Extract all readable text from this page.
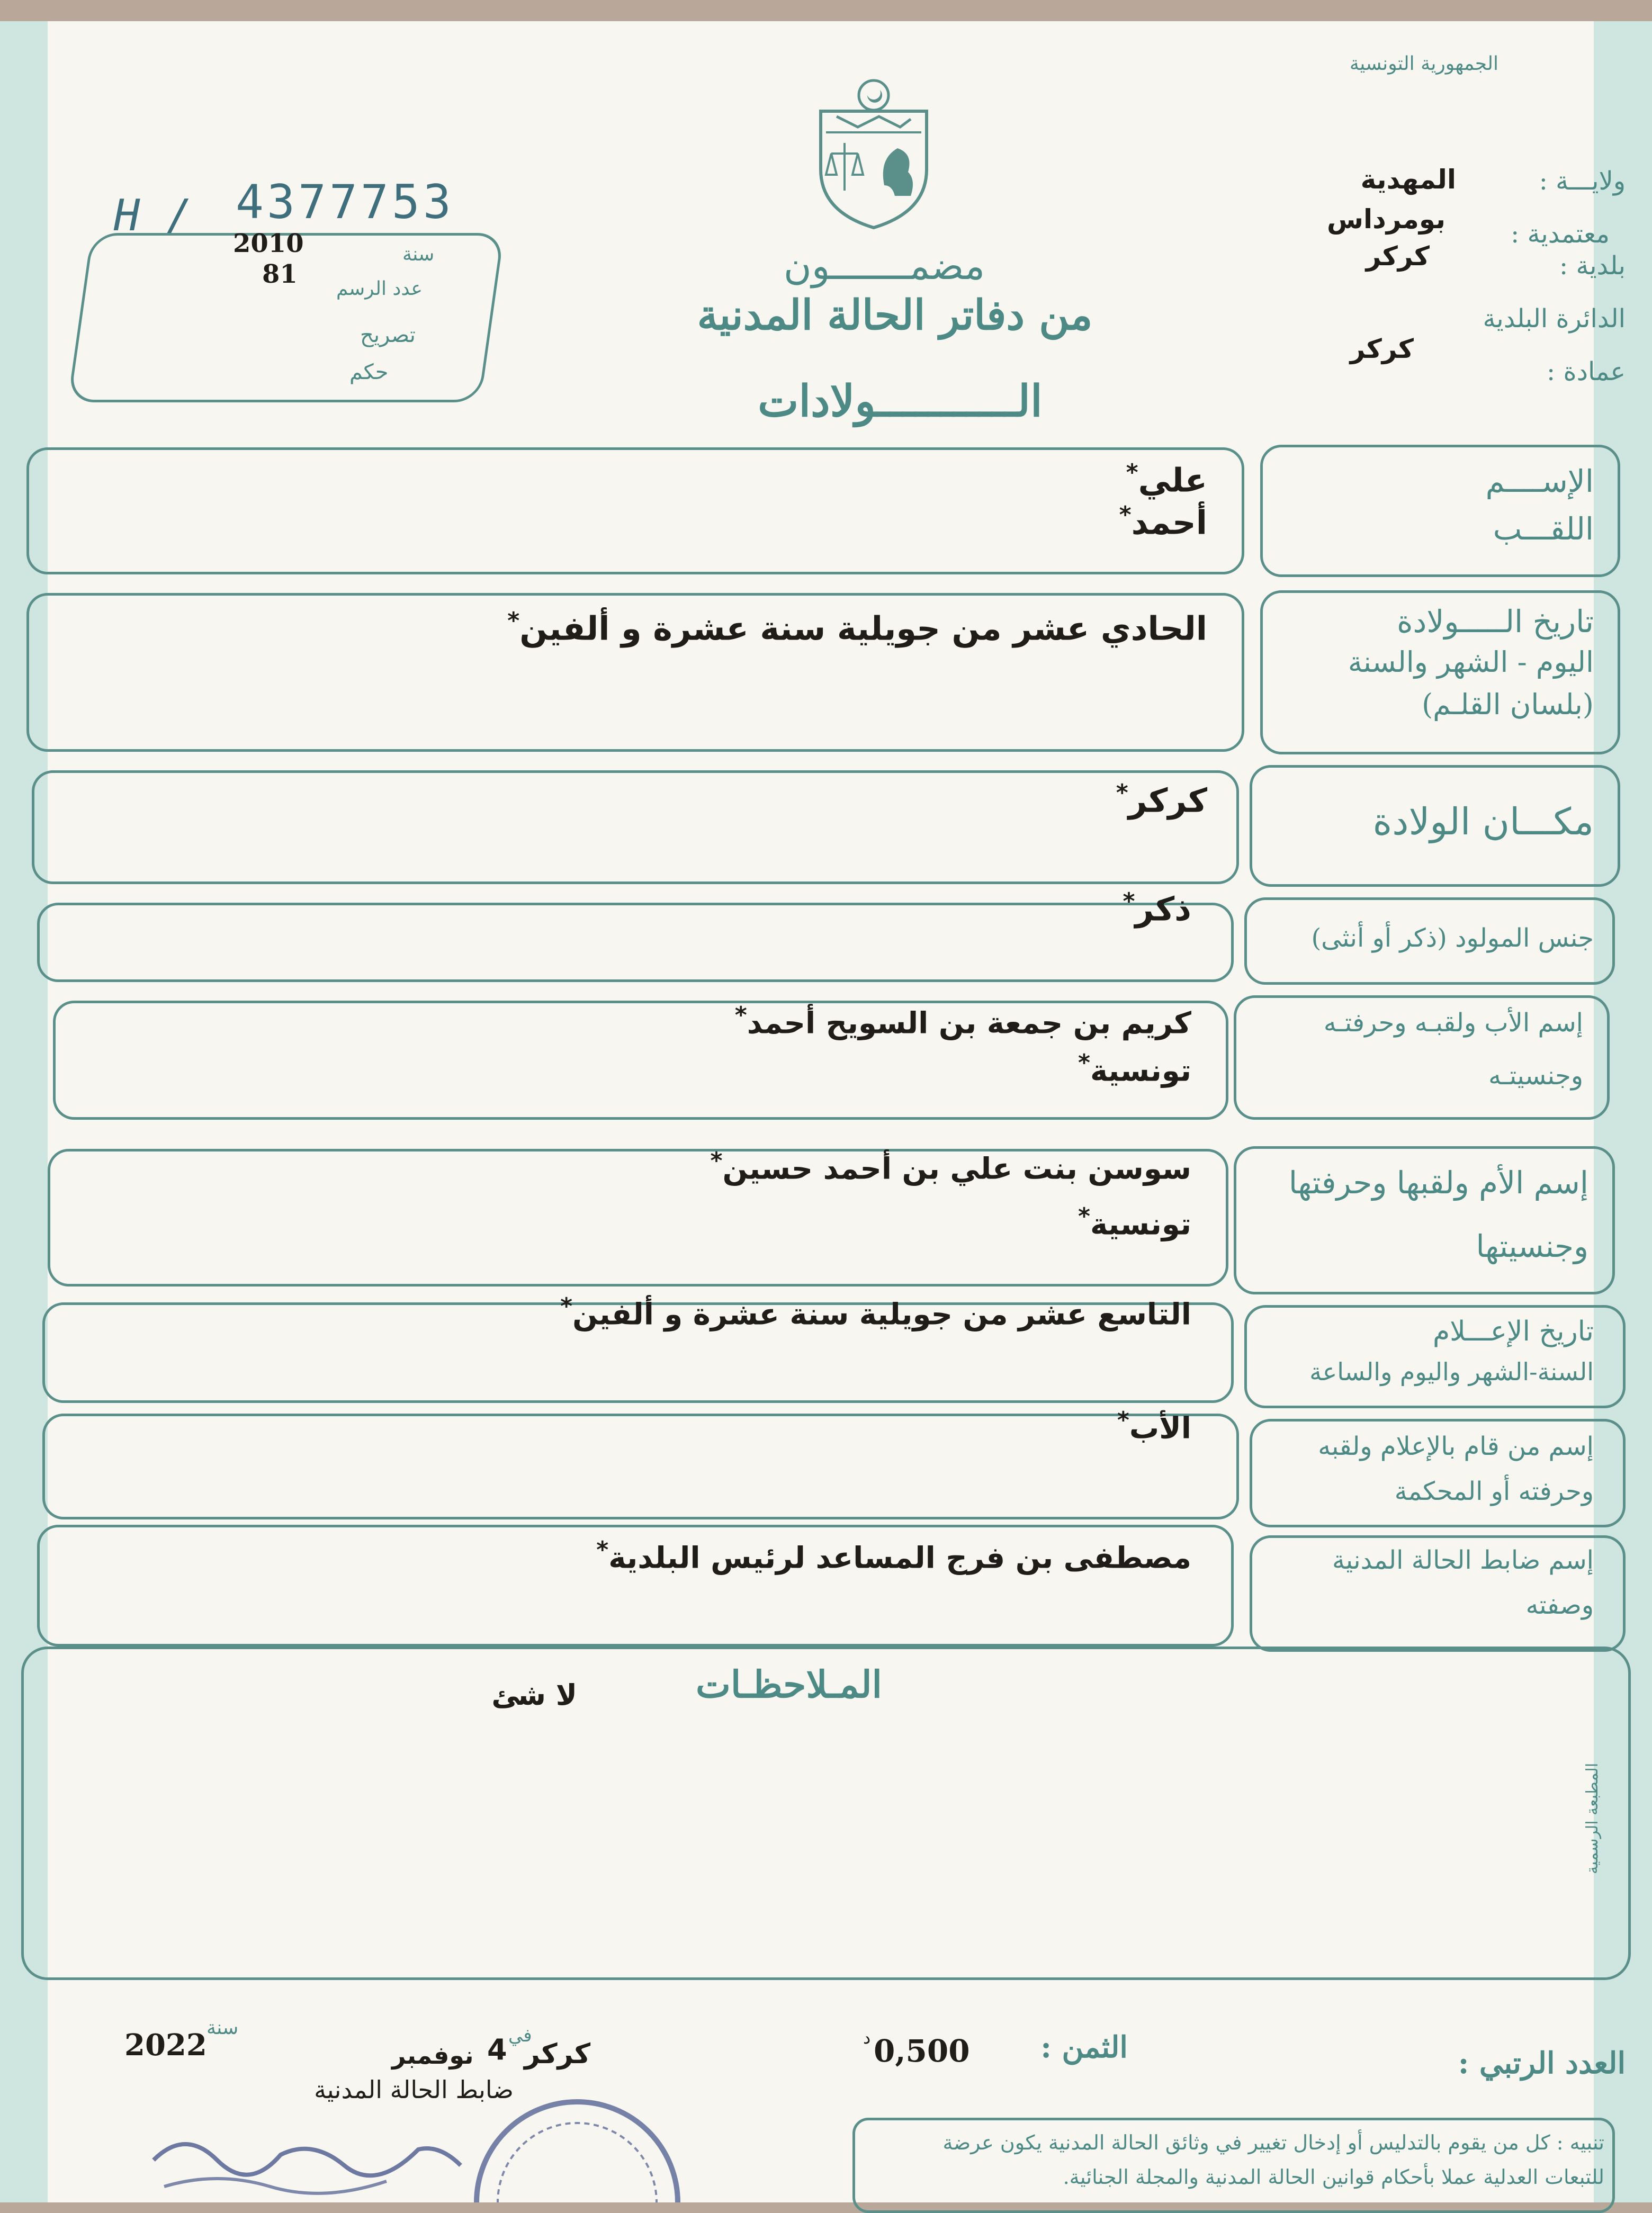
الجمهورية التونسية
H / 4377753
سنة
2010
عدد الرسم
81
تصريح
حكم
مضمـــــــون
من دفاتر الحالة المدنية
الـــــــــــولادات
ولايـــة :
المهدية
معتمدية :
بومرداس
بلدية :
كركر
الدائرة البلدية
عمادة :
كركر
الإســــم
اللقـــب
علي*
أحمد*
تاريخ الـــــولادة
اليوم - الشهر والسنة
(بلسان القلـم)
الحادي عشر من جويلية سنة عشرة و ألفين*
مكـــان الولادة
كركر*
جنس المولود (ذكر أو أنثى)
ذكر*
إسم الأب ولقبـه وحرفتـه
وجنسيتـه
كريم بن جمعة بن السويح أحمد*
تونسية*
إسم الأم ولقبها وحرفتها
وجنسيتها
سوسن بنت علي بن أحمد حسين*
تونسية*
تاريخ الإعـــلام
السنة-الشهر واليوم والساعة
التاسع عشر من جويلية سنة عشرة و ألفين*
إسم من قام بالإعلام ولقبه
وحرفته أو المحكمة
الأب*
إسم ضابط الحالة المدنية
وصفته
مصطفى بن فرج المساعد لرئيس البلدية*
المـلاحظـات
لا شئ
المطبعة الرسمية
العدد الرتبي :
الثمن :
0,500
د
كركر
في
4
نوفمبر
سنة
2022
ضابط الحالة المدنية
تنبيه : كل من يقوم بالتدليس أو إدخال تغيير في وثائق الحالة المدنية يكون عرضة
للتبعات العدلية عملا بأحكام قوانين الحالة المدنية والمجلة الجنائية.
